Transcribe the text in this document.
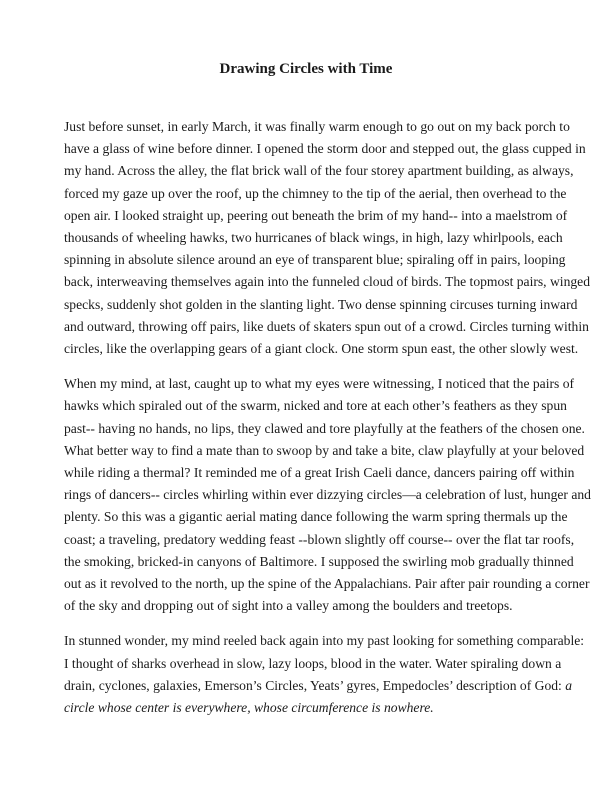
Drawing Circles with Time

Just before sunset, in early March, it was finally warm enough to go out on my back porch to
have a glass of wine before dinner. I opened the storm door and stepped out, the glass cupped in
my hand. Across the alley, the flat brick wall of the four storey apartment building, as always,
forced my gaze up over the roof, up the chimney to the tip of the aerial, then overhead to the
open air. I looked straight up, peering out beneath the brim of my hand-- into a maelstrom of
thousands of wheeling hawks, two hurricanes of black wings, in high, lazy whirlpools, each
spinning in absolute silence around an eye of transparent blue; spiraling off in pairs, looping
back, interweaving themselves again into the funneled cloud of birds. The topmost pairs, winged
specks, suddenly shot golden in the slanting light. Two dense spinning circuses turning inward
and outward, throwing off pairs, like duets of skaters spun out of a crowd. Circles turning within
circles, like the overlapping gears of a giant clock. One storm spun east, the other slowly west.

When my mind, at last, caught up to what my eyes were witnessing, I noticed that the pairs of
hawks which spiraled out of the swarm, nicked and tore at each other’s feathers as they spun
past-- having no hands, no lips, they clawed and tore playfully at the feathers of the chosen one.
What better way to find a mate than to swoop by and take a bite, claw playfully at your beloved
while riding a thermal? It reminded me of a great Irish Caeli dance, dancers pairing off within
rings of dancers-- circles whirling within ever dizzying circles—a celebration of lust, hunger and
plenty. So this was a gigantic aerial mating dance following the warm spring thermals up the
coast; a traveling, predatory wedding feast --blown slightly off course-- over the flat tar roofs,
the smoking, bricked-in canyons of Baltimore. I supposed the swirling mob gradually thinned
out as it revolved to the north, up the spine of the Appalachians. Pair after pair rounding a corner
of the sky and dropping out of sight into a valley among the boulders and treetops.

In stunned wonder, my mind reeled back again into my past looking for something comparable:
I thought of sharks overhead in slow, lazy loops, blood in the water. Water spiraling down a
drain, cyclones, galaxies, Emerson’s Circles, Yeats’ gyres, Empedocles’ description of God: a
circle whose center is everywhere, whose circumference is nowhere.
